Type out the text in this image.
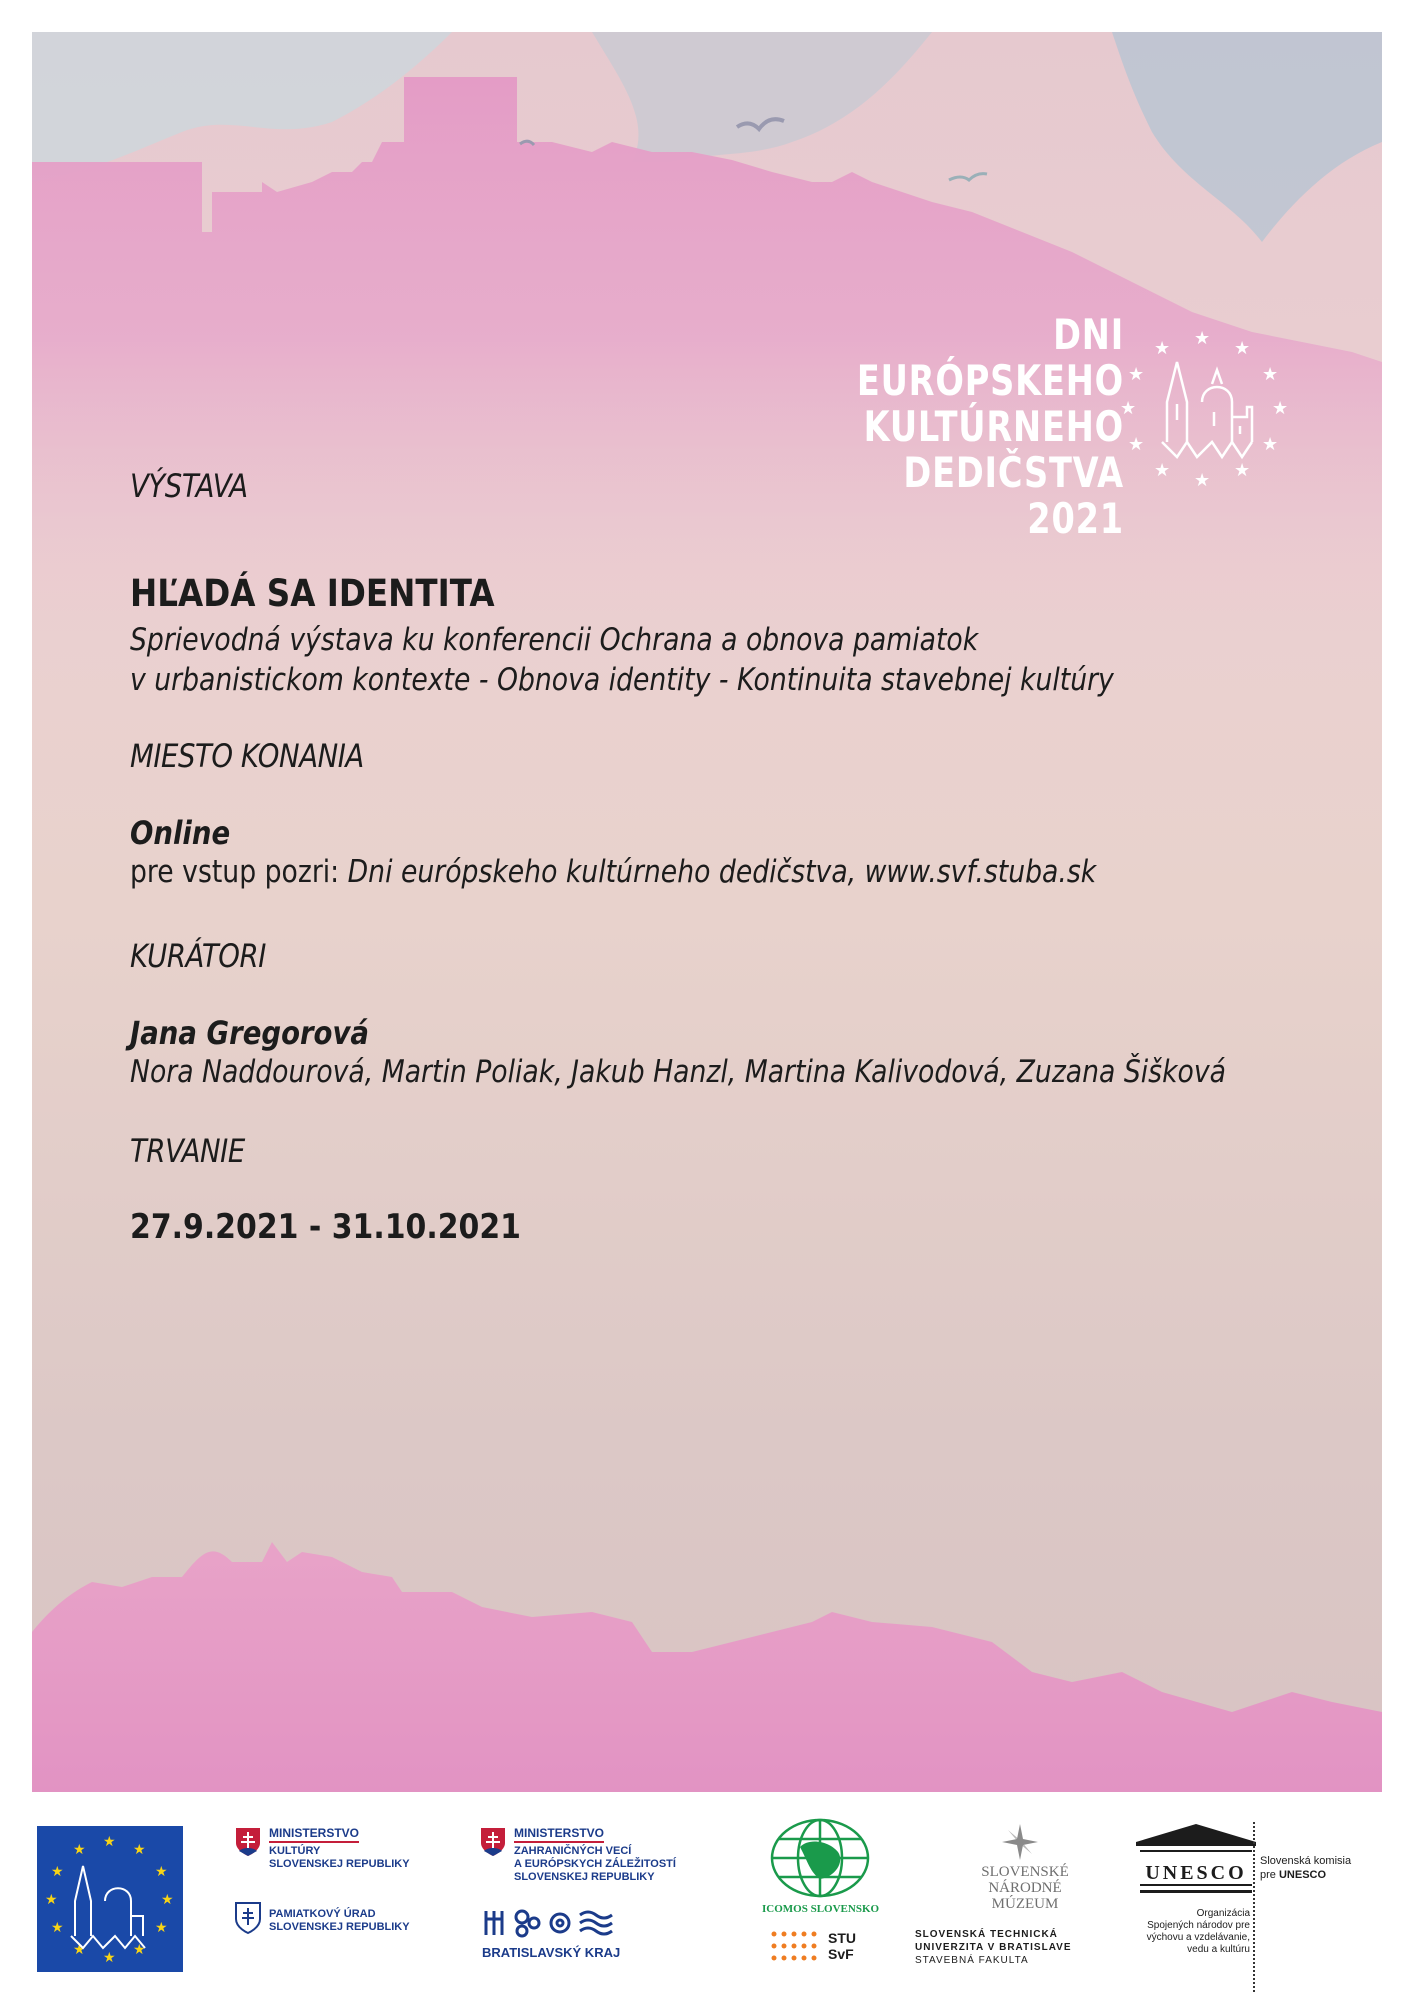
DNI EURÓPSKEHO
KULTÚRNEHO
DEDIČSTVA
2021
★ ★
★
★
★
★
★
★
★
★
★
★
VÝSTAVA
HĽADÁ SA IDENTITA
Sprievodná výstava ku konferencii Ochrana a obnova pamiatok
v urbanistickom kontexte - Obnova identity - Kontinuita stavebnej kultúry
MIESTO KONANIA
Online
pre vstup pozri: Dni európskeho kultúrneho dedičstva, www.svf.stuba.sk
KURÁTORI
Jana Gregorová
Nora Naddourová, Martin Poliak, Jakub Hanzl, Martina Kalivodová, Zuzana Šišková
TRVANIE
27.9.2021 - 31.10.2021
★ ★
★
★
★
★
★
★
★
★
★
★
MINISTERSTVO
KULTÚRY
SLOVENSKEJ REPUBLIKY
PAMIATKOVÝ ÚRAD
SLOVENSKEJ REPUBLIKY
MINISTERSTVO
ZAHRANIČNÝCH VECÍ
A EURÓPSKYCH ZÁLEŽITOSTÍ
SLOVENSKEJ REPUBLIKY
BRATISLAVSKÝ KRAJ
ICOMOS SLOVENSKO
STU
SvF
SLOVENSKÉ
NÁRODNÉ
MÚZEUM
SLOVENSKÁ TECHNICKÁ
UNIVERZITA V BRATISLAVE
STAVEBNÁ FAKULTA
UNESCO
Organizácia
Spojených národov pre
výchovu a vzdelávanie,
vedu a kultúru
Slovenská komisia
pre UNESCO
